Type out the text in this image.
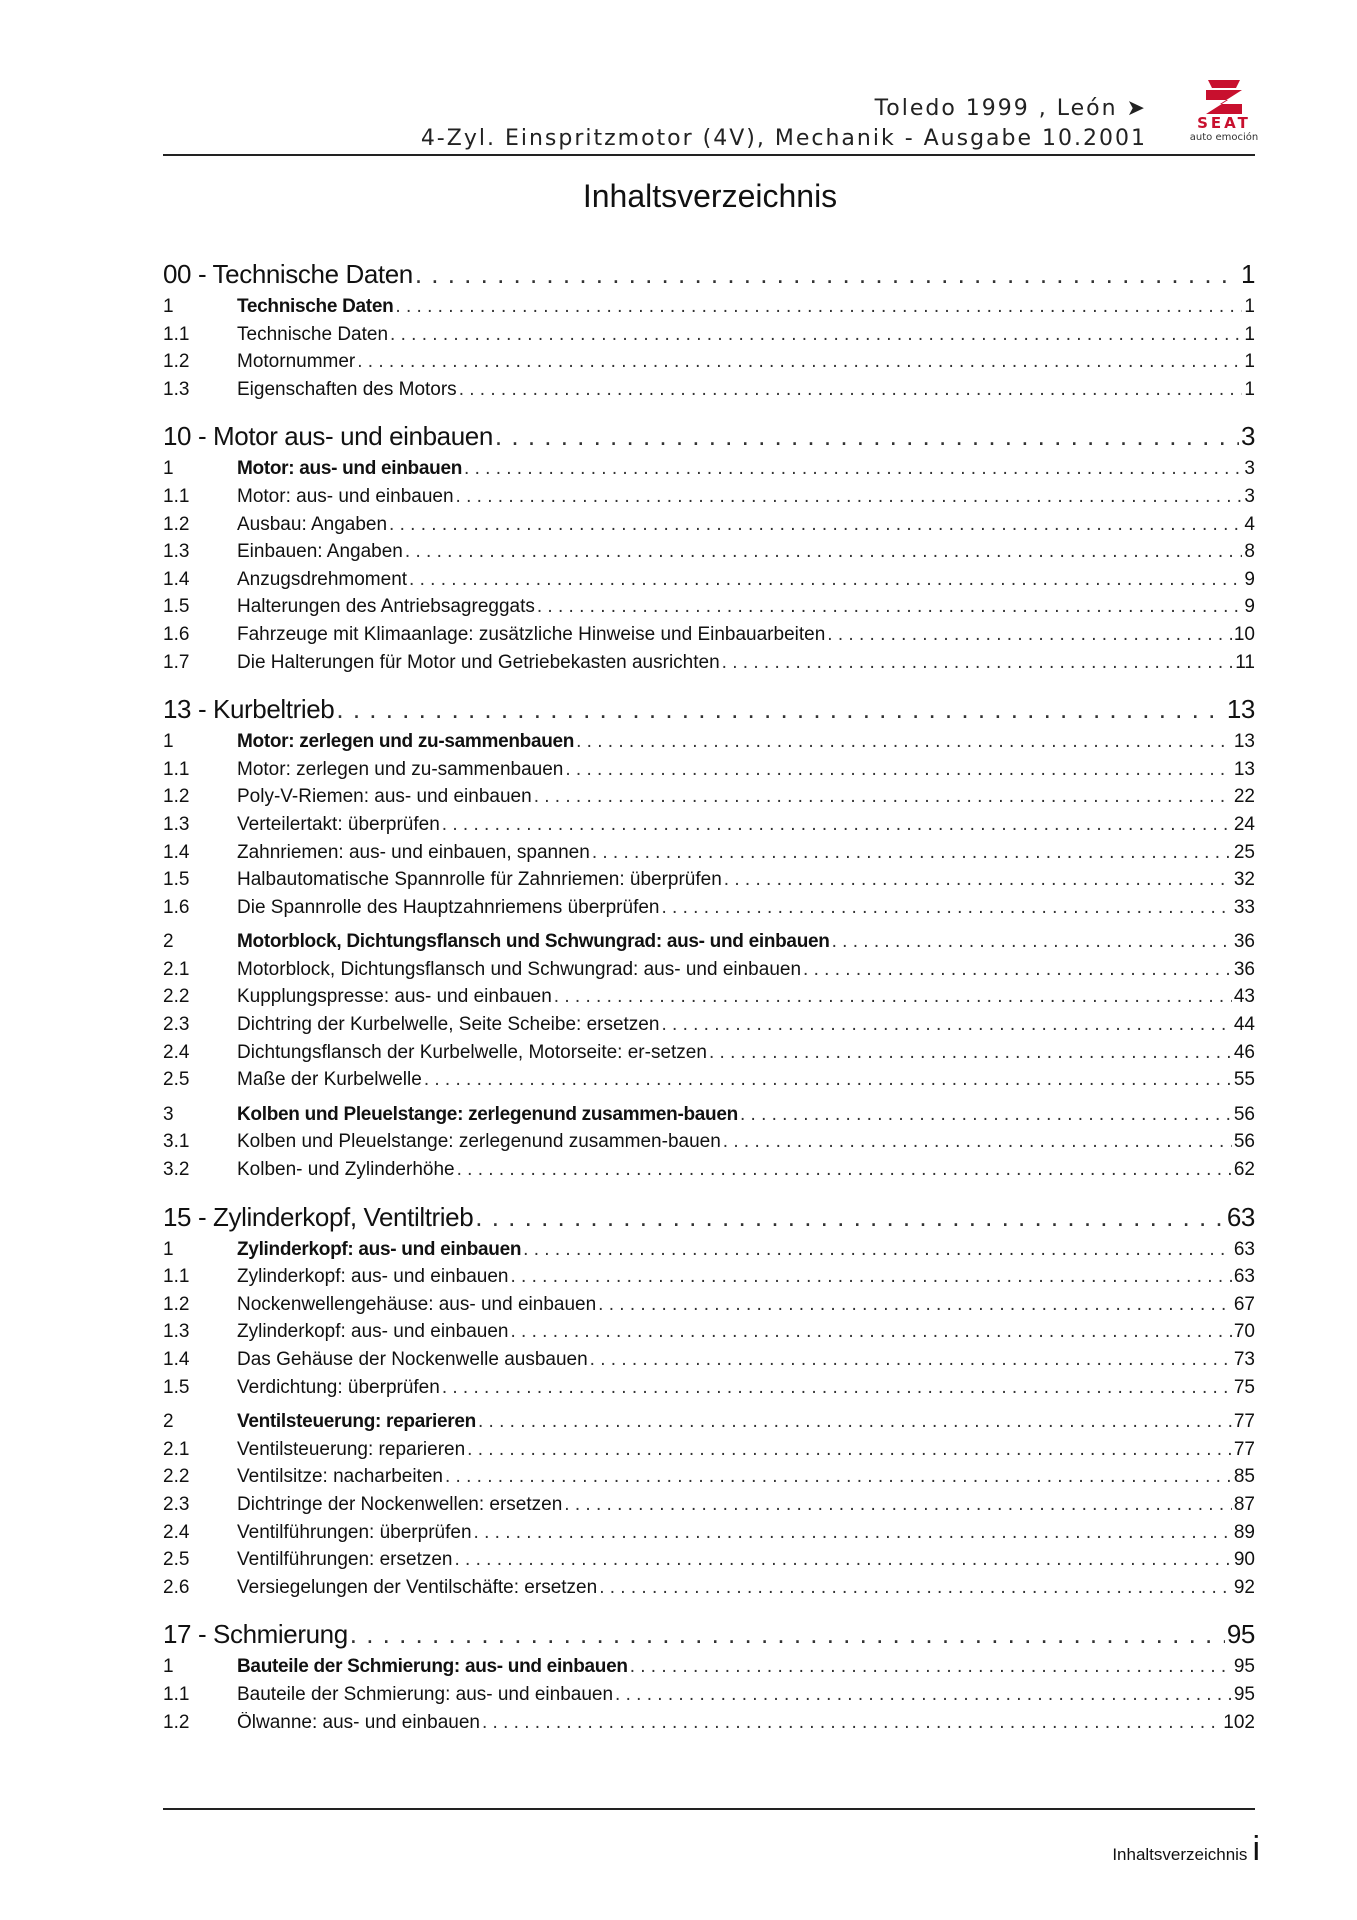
Toledo 1999 , León ➤
4-Zyl. Einspritzmotor (4V), Mechanik - Ausgabe 10.2001
SEAT
auto emoción
Inhaltsverzeichnis
00 - Technische Daten . . .	1
1	Technische Daten . . .	1
1.1	Technische Daten . . .	1
1.2	Motornummer . . .	1
1.3	Eigenschaften des Motors . . .	1
10 - Motor aus- und einbauen . . .	3
1	Motor: aus- und einbauen . . .	3
1.1	Motor: aus- und einbauen . . .	3
1.2	Ausbau: Angaben . . .	4
1.3	Einbauen: Angaben . . .	8
1.4	Anzugsdrehmoment . . .	9
1.5	Halterungen des Antriebsagreggats . . .	9
1.6	Fahrzeuge mit Klimaanlage: zusätzliche Hinweise und Einbauarbeiten . . .	10
1.7	Die Halterungen für Motor und Getriebekasten ausrichten . . .	11
13 - Kurbeltrieb . . .	13
1	Motor: zerlegen und zu-sammenbauen . . .	13
1.1	Motor: zerlegen und zu-sammenbauen . . .	13
1.2	Poly-V-Riemen: aus- und einbauen . . .	22
1.3	Verteilertakt: überprüfen . . .	24
1.4	Zahnriemen: aus- und einbauen, spannen . . .	25
1.5	Halbautomatische Spannrolle für Zahnriemen: überprüfen . . .	32
1.6	Die Spannrolle des Hauptzahnriemens überprüfen . . .	33
2	Motorblock, Dichtungsflansch und Schwungrad: aus- und einbauen . . .	36
2.1	Motorblock, Dichtungsflansch und Schwungrad: aus- und einbauen . . .	36
2.2	Kupplungspresse: aus- und einbauen . . .	43
2.3	Dichtring der Kurbelwelle, Seite Scheibe: ersetzen . . .	44
2.4	Dichtungsflansch der Kurbelwelle, Motorseite: er-setzen . . .	46
2.5	Maße der Kurbelwelle . . .	55
3	Kolben und Pleuelstange: zerlegenund zusammen-bauen . . .	56
3.1	Kolben und Pleuelstange: zerlegenund zusammen-bauen . . .	56
3.2	Kolben- und Zylinderhöhe . . .	62
15 - Zylinderkopf, Ventiltrieb . . .	63
1	Zylinderkopf: aus- und einbauen . . .	63
1.1	Zylinderkopf: aus- und einbauen . . .	63
1.2	Nockenwellengehäuse: aus- und einbauen . . .	67
1.3	Zylinderkopf: aus- und einbauen . . .	70
1.4	Das Gehäuse der Nockenwelle ausbauen . . .	73
1.5	Verdichtung: überprüfen . . .	75
2	Ventilsteuerung: reparieren . . .	77
2.1	Ventilsteuerung: reparieren . . .	77
2.2	Ventilsitze: nacharbeiten . . .	85
2.3	Dichtringe der Nockenwellen: ersetzen . . .	87
2.4	Ventilführungen: überprüfen . . .	89
2.5	Ventilführungen: ersetzen . . .	90
2.6	Versiegelungen der Ventilschäfte: ersetzen . . .	92
17 - Schmierung . . .	95
1	Bauteile der Schmierung: aus- und einbauen . . .	95
1.1	Bauteile der Schmierung: aus- und einbauen . . .	95
1.2	Ölwanne: aus- und einbauen . . .	102
Inhaltsverzeichnis i
